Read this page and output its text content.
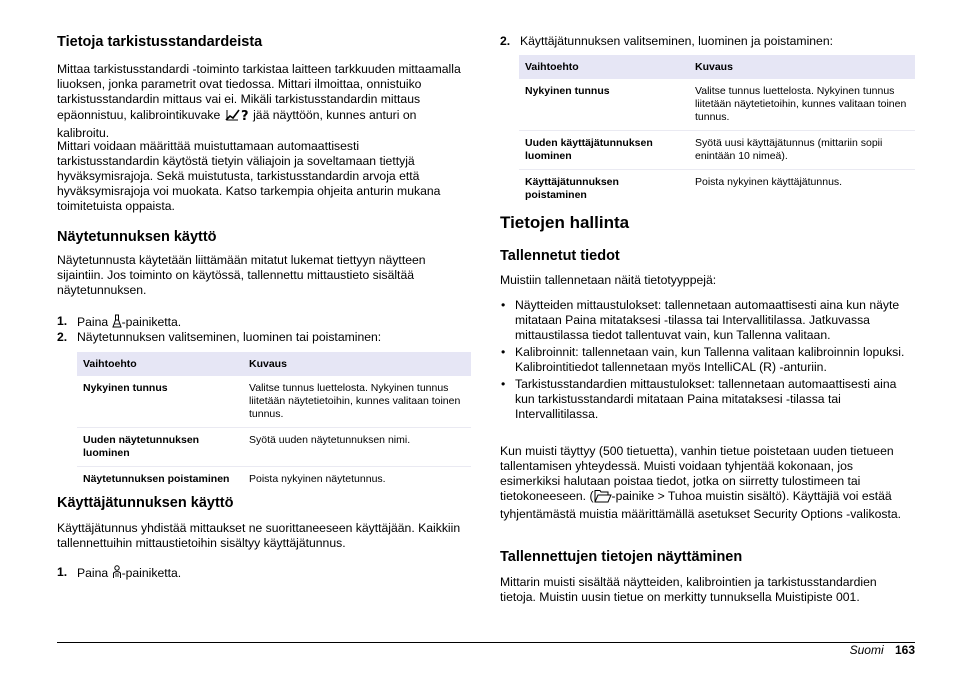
Tietoja tarkistusstandardeista

Mittaa tarkistusstandardi -toiminto tarkistaa laitteen tarkkuuden mittaamalla liuoksen, jonka parametrit ovat tiedossa. Mittari ilmoittaa, onnistuiko tarkistusstandardin mittaus vai ei. Mikäli tarkistusstandardin mittaus epäonnistuu, kalibrointikuvake ? jää näyttöön, kunnes anturi on kalibroitu.

Mittari voidaan määrittää muistuttamaan automaattisesti tarkistusstandardin käytöstä tietyin väliajoin ja soveltamaan tiettyjä hyväksymisrajoja. Sekä muistutusta, tarkistusstandardin arvoja että hyväksymisrajoja voi muokata. Katso tarkempia ohjeita anturin mukana toimitetuista oppaista.

Näytetunnuksen käyttö

Näytetunnusta käytetään liittämään mitatut lukemat tiettyyn näytteen sijaintiin. Jos toiminto on käytössä, tallennettu mittaustieto sisältää näytetunnuksen.

1. Paina -painiketta.
2. Näytetunnuksen valitseminen, luominen tai poistaminen:
Vaihtoehto	Kuvaus
Nykyinen tunnus	Valitse tunnus luettelosta. Nykyinen tunnus liitetään näytetietoihin, kunnes valitaan toinen tunnus.
Uuden näytetunnuksen luominen	Syötä uuden näytetunnuksen nimi.
Näytetunnuksen poistaminen	Poista nykyinen näytetunnus.
Käyttäjätunnuksen käyttö

Käyttäjätunnus yhdistää mittaukset ne suorittaneeseen käyttäjään. Kaikkiin tallennettuihin mittaustietoihin sisältyy käyttäjätunnus.

1. Paina -painiketta.
2. Käyttäjätunnuksen valitseminen, luominen ja poistaminen:
Vaihtoehto	Kuvaus
Nykyinen tunnus	Valitse tunnus luettelosta. Nykyinen tunnus liitetään näytetietoihin, kunnes valitaan toinen tunnus.
Uuden käyttäjätunnuksen luominen	Syötä uusi käyttäjätunnus (mittariin sopii enintään 10 nimeä).
Käyttäjätunnuksen poistaminen	Poista nykyinen käyttäjätunnus.
Tietojen hallinta
Tallennetut tiedot

Muistiin tallennetaan näitä tietotyyppejä:

• Näytteiden mittaustulokset: tallennetaan automaattisesti aina kun näyte mitataan Paina mitataksesi -tilassa tai Intervallitilassa. Jatkuvassa mittaustilassa tiedot tallentuvat vain, kun Tallenna valitaan.
• Kalibroinnit: tallennetaan vain, kun Tallenna valitaan kalibroinnin lopuksi. Kalibrointitiedot tallennetaan myös IntelliCAL (R) -anturiin.
• Tarkistusstandardien mittaustulokset: tallennetaan automaattisesti aina kun tarkistusstandardi mitataan Paina mitataksesi -tilassa tai Intervallitilassa.

Kun muisti täyttyy (500 tietuetta), vanhin tietue poistetaan uuden tietueen tallentamisen yhteydessä. Muisti voidaan tyhjentää kokonaan, jos esimerkiksi halutaan poistaa tiedot, jotka on siirretty tulostimeen tai tietokoneeseen. ( -painike > Tuhoa muistin sisältö). Käyttäjiä voi estää tyhjentämästä muistia määrittämällä asetukset Security Options -valikosta.

Tallennettujen tietojen näyttäminen

Mittarin muisti sisältää näytteiden, kalibrointien ja tarkistusstandardien tietoja. Muistin uusin tietue on merkitty tunnuksella Muistipiste 001.

Suomi 163
